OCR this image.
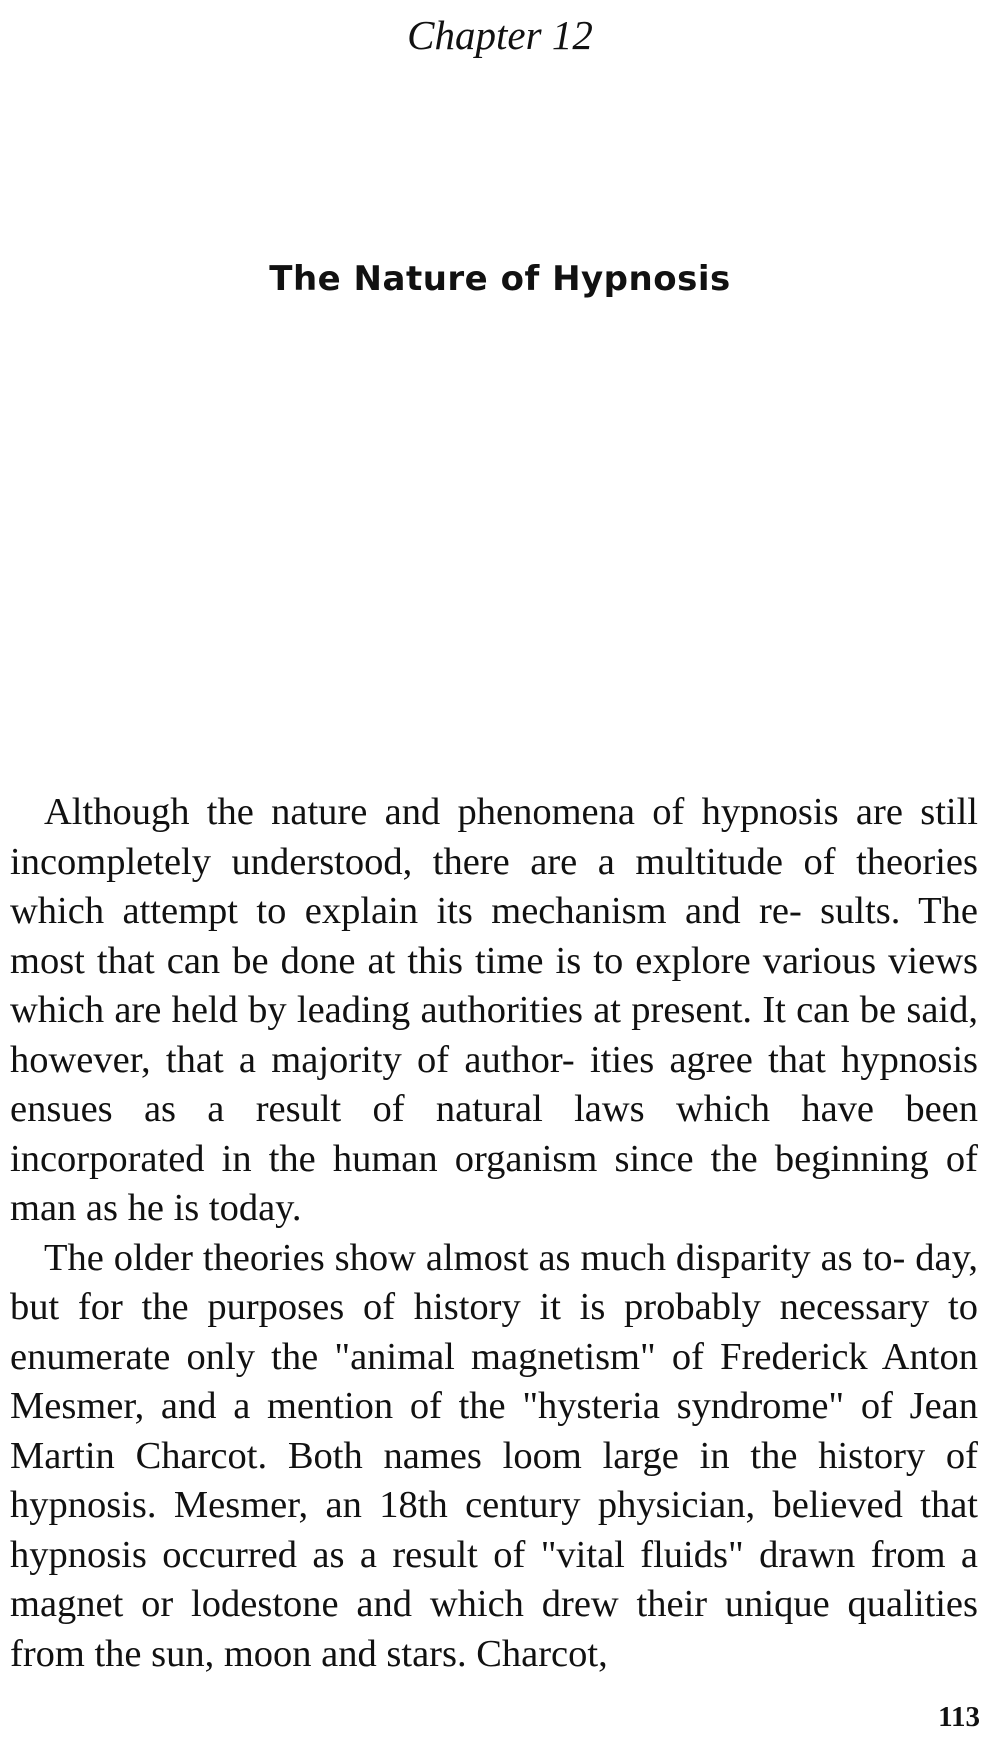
Chapter 12
The Nature of Hypnosis

Although the nature and phenomena of hypnosis are still incompletely understood, there are a multitude of theories which attempt to explain its mechanism and re- sults. The most that can be done at this time is to explore various views which are held by leading authorities at present. It can be said, however, that a majority of author- ities agree that hypnosis ensues as a result of natural laws which have been incorporated in the human organism since the beginning of man as he is today.

The older theories show almost as much disparity as to- day, but for the purposes of history it is probably necessary to enumerate only the "animal magnetism" of Frederick Anton Mesmer, and a mention of the "hysteria syndrome" of Jean Martin Charcot. Both names loom large in the history of hypnosis. Mesmer, an 18th century physician, believed that hypnosis occurred as a result of "vital fluids" drawn from a magnet or lodestone and which drew their unique qualities from the sun, moon and stars. Charcot,

113
